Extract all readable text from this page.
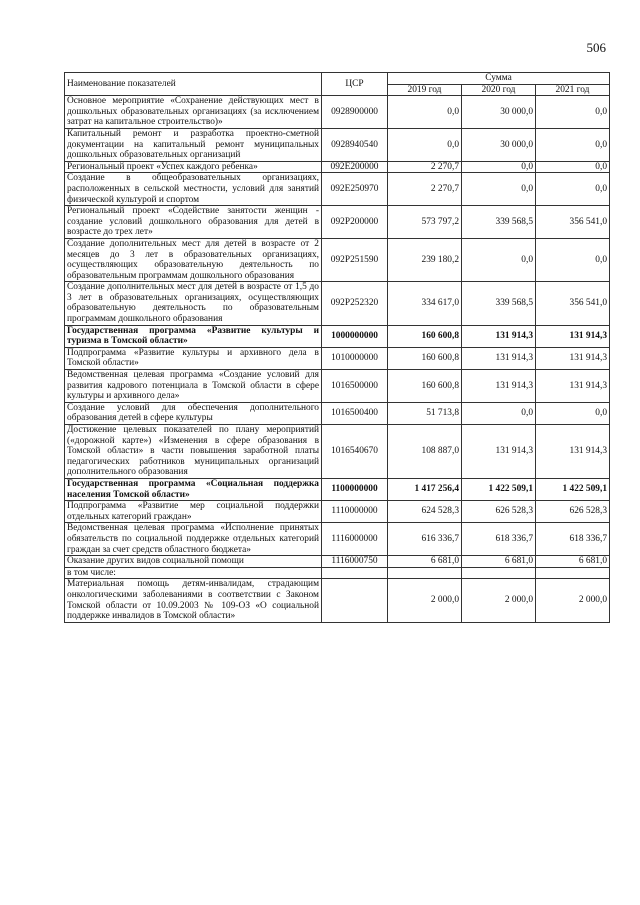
506
Наименование показателей	ЦСР	Сумма		
		2019 год	2020 год	2021 год
Основное мероприятие «Сохранение действующих мест в дошкольных образовательных организациях (за исключением затрат на капитальное строительство)»	0928900000	0,0	30 000,0	0,0
Капитальный ремонт и разработка проектно-сметной документации на капитальный ремонт муниципальных дошкольных образовательных организаций	0928940540	0,0	30 000,0	0,0
Региональный проект «Успех каждого ребенка»	092E200000	2 270,7	0,0	0,0
Создание в общеобразовательных организациях, расположенных в сельской местности, условий для занятий физической культурой и спортом	092E250970	2 270,7	0,0	0,0
Региональный проект «Содействие занятости женщин - создание условий дошкольного образования для детей в возрасте до трех лет»	092P200000	573 797,2	339 568,5	356 541,0
Создание дополнительных мест для детей в возрасте от 2 месяцев до 3 лет в образовательных организациях, осуществляющих образовательную деятельность по образовательным программам дошкольного образования	092P251590	239 180,2	0,0	0,0
Создание дополнительных мест для детей в возрасте от 1,5 до 3 лет в образовательных организациях, осуществляющих образовательную деятельность по образовательным программам дошкольного образования	092P252320	334 617,0	339 568,5	356 541,0
Государственная программа «Развитие культуры и туризма в Томской области»	1000000000	160 600,8	131 914,3	131 914,3
Подпрограмма «Развитие культуры и архивного дела в Томской области»	1010000000	160 600,8	131 914,3	131 914,3
Ведомственная целевая программа «Создание условий для развития кадрового потенциала в Томской области в сфере культуры и архивного дела»	1016500000	160 600,8	131 914,3	131 914,3
Создание условий для обеспечения дополнительного образования детей в сфере культуры	1016500400	51 713,8	0,0	0,0
Достижение целевых показателей по плану мероприятий («дорожной карте») «Изменения в сфере образования в Томской области» в части повышения заработной платы педагогических работников муниципальных организаций дополнительного образования	1016540670	108 887,0	131 914,3	131 914,3
Государственная программа «Социальная поддержка населения Томской области»	1100000000	1 417 256,4	1 422 509,1	1 422 509,1
Подпрограмма «Развитие мер социальной поддержки отдельных категорий граждан»	1110000000	624 528,3	626 528,3	626 528,3
Ведомственная целевая программа «Исполнение принятых обязательств по социальной поддержке отдельных категорий граждан за счет средств областного бюджета»	1116000000	616 336,7	618 336,7	618 336,7
Оказание других видов социальной помощи	1116000750	6 681,0	6 681,0	6 681,0
в том числе:				
Материальная помощь детям-инвалидам, страдающим онкологическими заболеваниями в соответствии с Законом Томской области от 10.09.2003 № 109-ОЗ «О социальной поддержке инвалидов в Томской области»		2 000,0	2 000,0	2 000,0
